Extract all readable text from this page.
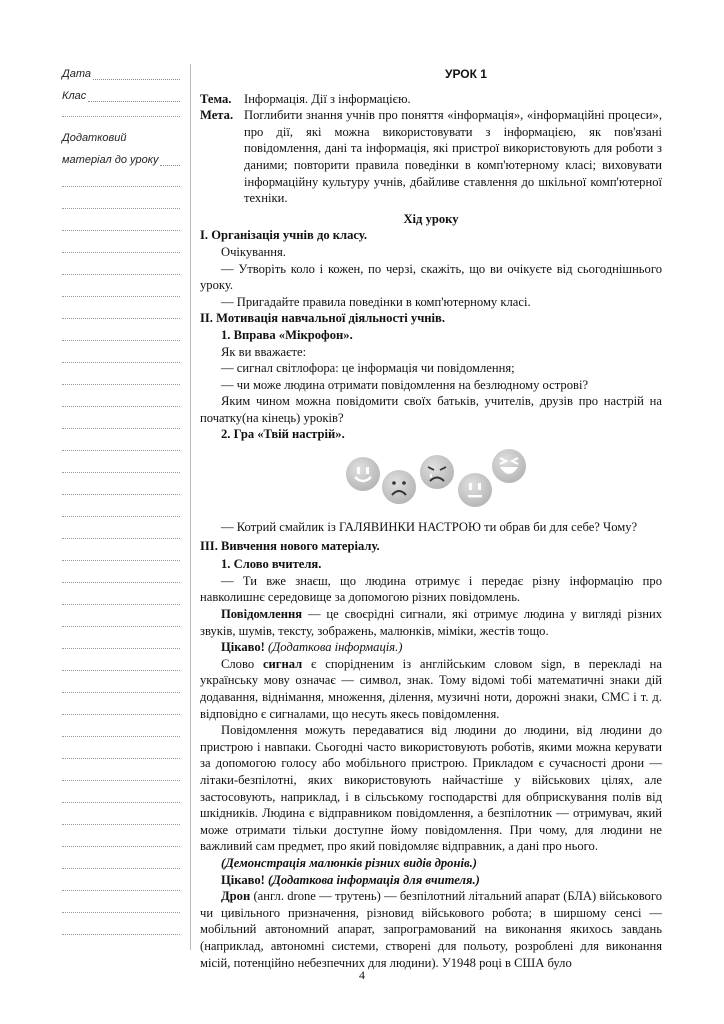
Дата
Клас
Додатковий
матеріал до уроку
УРОК 1
Тема. Інформація. Дії з інформацією.
Мета. Поглибити знання учнів про поняття «інформація», «інформаційні процеси», про дії, які можна використовувати з інформацією, як пов'язані повідомлення, дані та інформація, які пристрої використовують для роботи з даними; повторити правила поведінки в комп'ютерному класі; виховувати інформаційну культуру учнів, дбайливе ставлення до шкільної комп'ютерної техніки.

Хід уроку

І. Організація учнів до класу.

Очікування.

— Утворіть коло і кожен, по черзі, скажіть, що ви очікуєте від сьогоднішнього уроку.

— Пригадайте правила поведінки в комп'ютерному класі.

ІІ. Мотивація навчальної діяльності учнів.

1. Вправа «Мікрофон».

Як ви вважаєте:

— сигнал світлофора: це інформація чи повідомлення;

— чи може людина отримати повідомлення на безлюдному острові?

Яким чином можна повідомити своїх батьків, учителів, друзів про настрій на початку(на кінець) уроків?

2. Гра «Твій настрій».

— Котрий смайлик із ГАЛЯВИНКИ НАСТРОЮ ти обрав би для себе? Чому?

ІІІ. Вивчення нового матеріалу.

1. Слово вчителя.

— Ти вже знаєш, що людина отримує і передає різну інформацію про навколишнє середовище за допомогою різних повідомлень.

Повідомлення — це своєрідні сигнали, які отримує людина у вигляді різних звуків, шумів, тексту, зображень, малюнків, міміки, жестів тощо.

Цікаво! (Додаткова інформація.)

Слово сигнал є спорідненим із англійським словом sign, в перекладі на українську мову означає — символ, знак. Тому відомі тобі математичні знаки дій додавання, віднімання, множення, ділення, музичні ноти, дорожні знаки, СМС і т. д. відповідно є сигналами, що несуть якесь повідомлення.

Повідомлення можуть передаватися від людини до людини, від людини до пристрою і навпаки. Сьогодні часто використовують роботів, якими можна керувати за допомогою голосу або мобільного пристрою. Прикладом є сучасності дрони — літаки-безпілотні, яких використовують найчастіше у військових цілях, але застосовують, наприклад, і в сільському господарстві для обприскування полів від шкідників. Людина є відправником повідомлення, а безпілотник — отримувач, який може отримати тільки доступне йому повідомлення. При чому, для людини не важливий сам предмет, про який повідомляє відправник, а дані про нього.

(Демонстрація малюнків різних видів дронів.)

Цікаво! (Додаткова інформація для вчителя.)

Дрон (англ. drone — трутень) — безпілотний літальний апарат (БЛА) військового чи цивільного призначення, різновид військового робота; в ширшому сенсі — мобільний автономний апарат, запрограмований на виконання якихось завдань (наприклад, автономні системи, створені для польоту, розроблені для виконання місій, потенційно небезпечних для людини). У1948 році в США було

4
